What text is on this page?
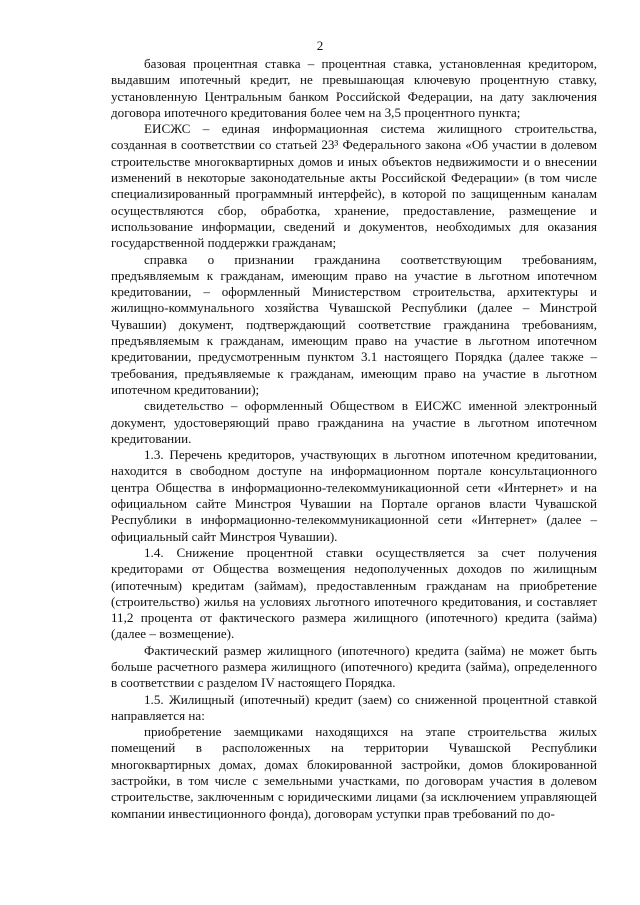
2

базовая процентная ставка – процентная ставка, установленная кредитором, выдавшим ипотечный кредит, не превышающая ключевую процентную ставку, установленную Центральным банком Российской Федерации, на дату заключения договора ипотечного кредитования более чем на 3,5 процентного пункта;

ЕИСЖС – единая информационная система жилищного строительства, созданная в соответствии со статьей 23³ Федерального закона «Об участии в долевом строительстве многоквартирных домов и иных объектов недвижимости и о внесении изменений в некоторые законодательные акты Российской Федерации» (в том числе специализированный программный интерфейс), в которой по защищенным каналам осуществляются сбор, обработка, хранение, предоставление, размещение и использование информации, сведений и документов, необходимых для оказания государственной поддержки гражданам;

справка о признании гражданина соответствующим требованиям, предъявляемым к гражданам, имеющим право на участие в льготном ипотечном кредитовании, – оформленный Министерством строительства, архитектуры и жилищно-коммунального хозяйства Чувашской Республики (далее – Минстрой Чувашии) документ, подтверждающий соответствие гражданина требованиям, предъявляемым к гражданам, имеющим право на участие в льготном ипотечном кредитовании, предусмотренным пунктом 3.1 настоящего Порядка (далее также – требования, предъявляемые к гражданам, имеющим право на участие в льготном ипотечном кредитовании);

свидетельство – оформленный Обществом в ЕИСЖС именной электронный документ, удостоверяющий право гражданина на участие в льготном ипотечном кредитовании.

1.3. Перечень кредиторов, участвующих в льготном ипотечном кредитовании, находится в свободном доступе на информационном портале консультационного центра Общества в информационно-телекоммуникационной сети «Интернет» и на официальном сайте Минстроя Чувашии на Портале органов власти Чувашской Республики в информационно-телекоммуникационной сети «Интернет» (далее – официальный сайт Минстроя Чувашии).

1.4. Снижение процентной ставки осуществляется за счет получения кредиторами от Общества возмещения недополученных доходов по жилищным (ипотечным) кредитам (займам), предоставленным гражданам на приобретение (строительство) жилья на условиях льготного ипотечного кредитования, и составляет 11,2 процента от фактического размера жилищного (ипотечного) кредита (займа) (далее – возмещение).

Фактический размер жилищного (ипотечного) кредита (займа) не может быть больше расчетного размера жилищного (ипотечного) кредита (займа), определенного в соответствии с разделом IV настоящего Порядка.

1.5. Жилищный (ипотечный) кредит (заем) со сниженной процентной ставкой направляется на:

приобретение заемщиками находящихся на этапе строительства жилых помещений в расположенных на территории Чувашской Республики многоквартирных домах, домах блокированной застройки, домов блокированной застройки, в том числе с земельными участками, по договорам участия в долевом строительстве, заключенным с юридическими лицами (за исключением управляющей компании инвестиционного фонда), договорам уступки прав требований по до-
